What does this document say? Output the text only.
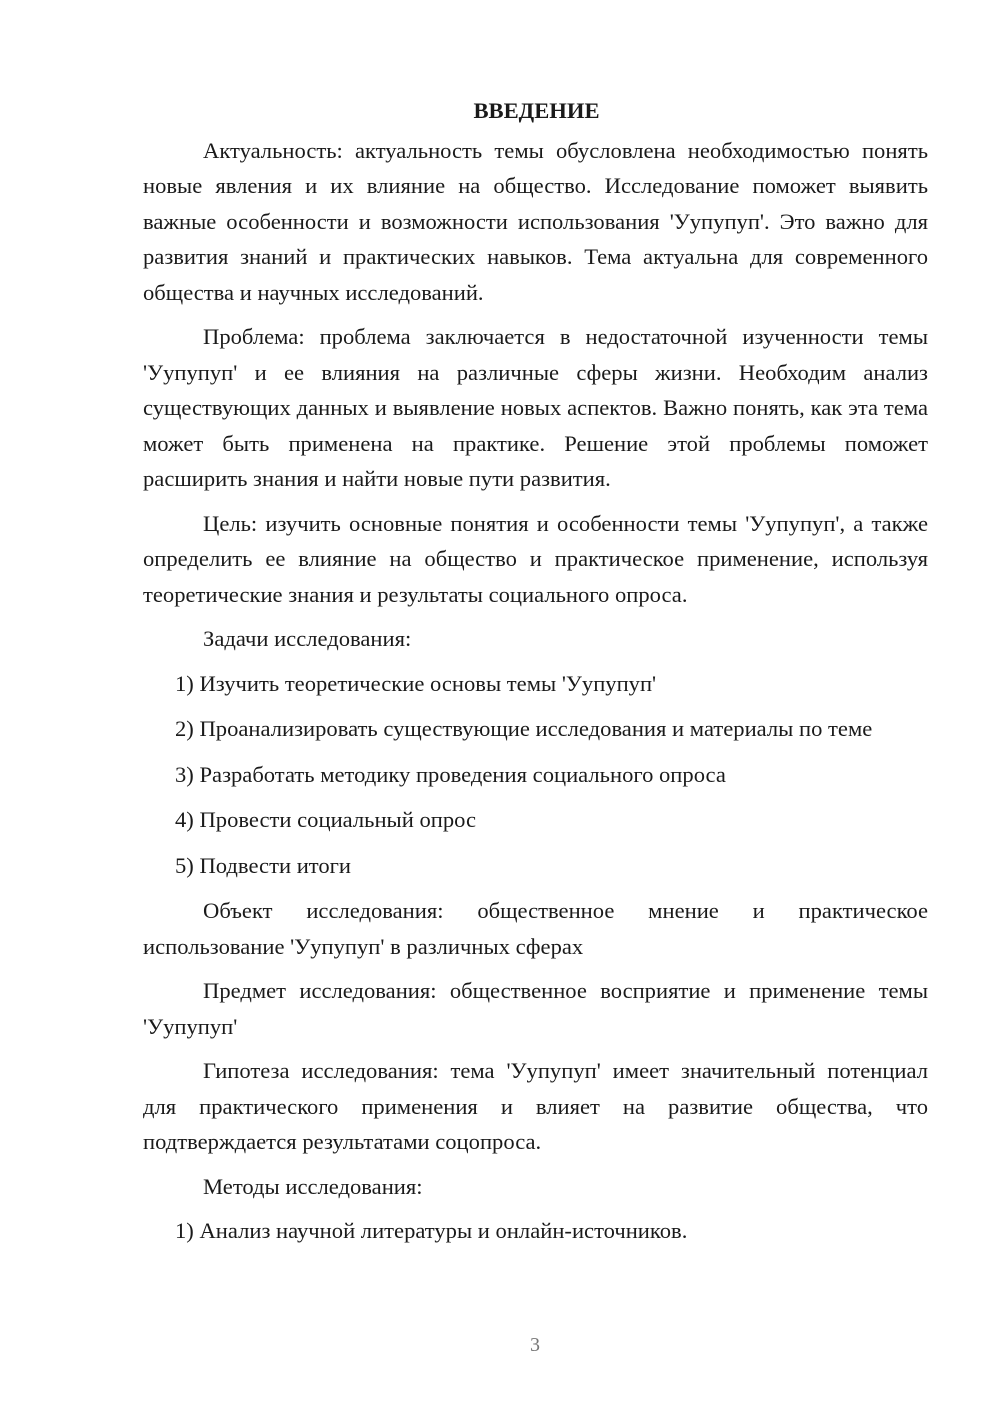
ВВЕДЕНИЕ

Актуальность: актуальность темы обусловлена необходимостью понять новые явления и их влияние на общество. Исследование поможет выявить важные особенности и возможности использования 'Уупупуп'. Это важно для развития знаний и практических навыков. Тема актуальна для современного общества и научных исследований.

Проблема: проблема заключается в недостаточной изученности темы 'Уупупуп' и ее влияния на различные сферы жизни. Необходим анализ существующих данных и выявление новых аспектов. Важно понять, как эта тема может быть применена на практике. Решение этой проблемы поможет расширить знания и найти новые пути развития.

Цель: изучить основные понятия и особенности темы 'Уупупуп', а также определить ее влияние на общество и практическое применение, используя теоретические знания и результаты социального опроса.

Задачи исследования:

1) Изучить теоретические основы темы 'Уупупуп'

2) Проанализировать существующие исследования и материалы по теме

3) Разработать методику проведения социального опроса

4) Провести социальный опрос

5) Подвести итоги

Объект исследования: общественное мнение и практическое использование 'Уупупуп' в различных сферах

Предмет исследования: общественное восприятие и применение темы 'Уупупуп'

Гипотеза исследования: тема 'Уупупуп' имеет значительный потенциал для практического применения и влияет на развитие общества, что подтверждается результатами соцопроса.

Методы исследования:

1) Анализ научной литературы и онлайн-источников.

3
